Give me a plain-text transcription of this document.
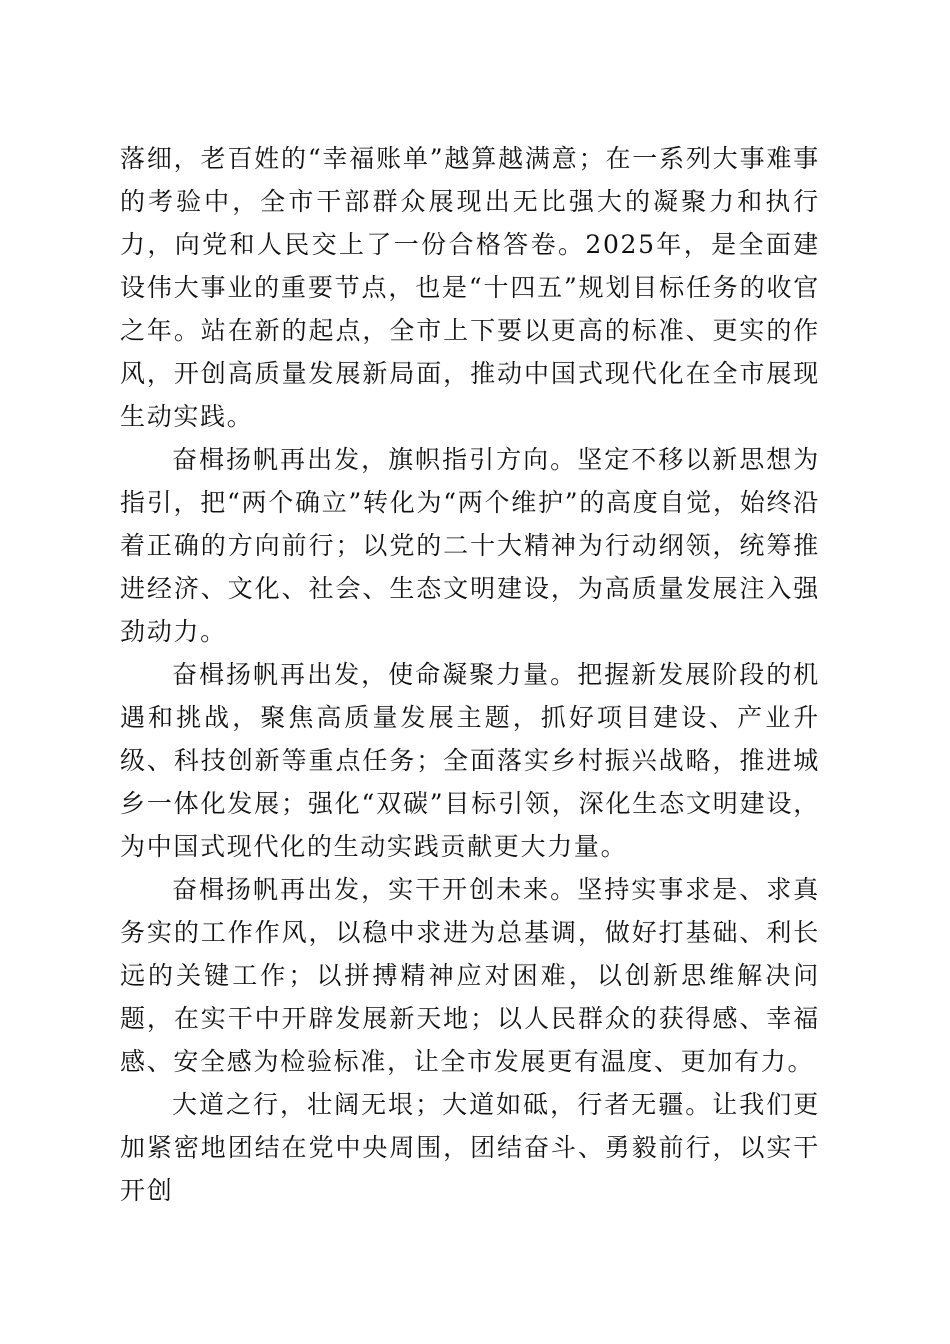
落细，老百姓的“幸福账单”越算越满意；在一系列大事难事的考验中，全市干部群众展现出无比强大的凝聚力和执行力，向党和人民交上了一份合格答卷。2025年，是全面建设伟大事业的重要节点，也是“十四五”规划目标任务的收官之年。站在新的起点，全市上下要以更高的标准、更实的作风，开创高质量发展新局面，推动中国式现代化在全市展现生动实践。

奋楫扬帆再出发，旗帜指引方向。坚定不移以新思想为指引，把“两个确立”转化为“两个维护”的高度自觉，始终沿着正确的方向前行；以党的二十大精神为行动纲领，统筹推进经济、文化、社会、生态文明建设，为高质量发展注入强劲动力。

奋楫扬帆再出发，使命凝聚力量。把握新发展阶段的机遇和挑战，聚焦高质量发展主题，抓好项目建设、产业升级、科技创新等重点任务；全面落实乡村振兴战略，推进城乡一体化发展；强化“双碳”目标引领，深化生态文明建设，为中国式现代化的生动实践贡献更大力量。

奋楫扬帆再出发，实干开创未来。坚持实事求是、求真务实的工作作风，以稳中求进为总基调，做好打基础、利长远的关键工作；以拼搏精神应对困难，以创新思维解决问题，在实干中开辟发展新天地；以人民群众的获得感、幸福感、安全感为检验标准，让全市发展更有温度、更加有力。

大道之行，壮阔无垠；大道如砥，行者无疆。让我们更加紧密地团结在党中央周围，团结奋斗、勇毅前行，以实干开创
